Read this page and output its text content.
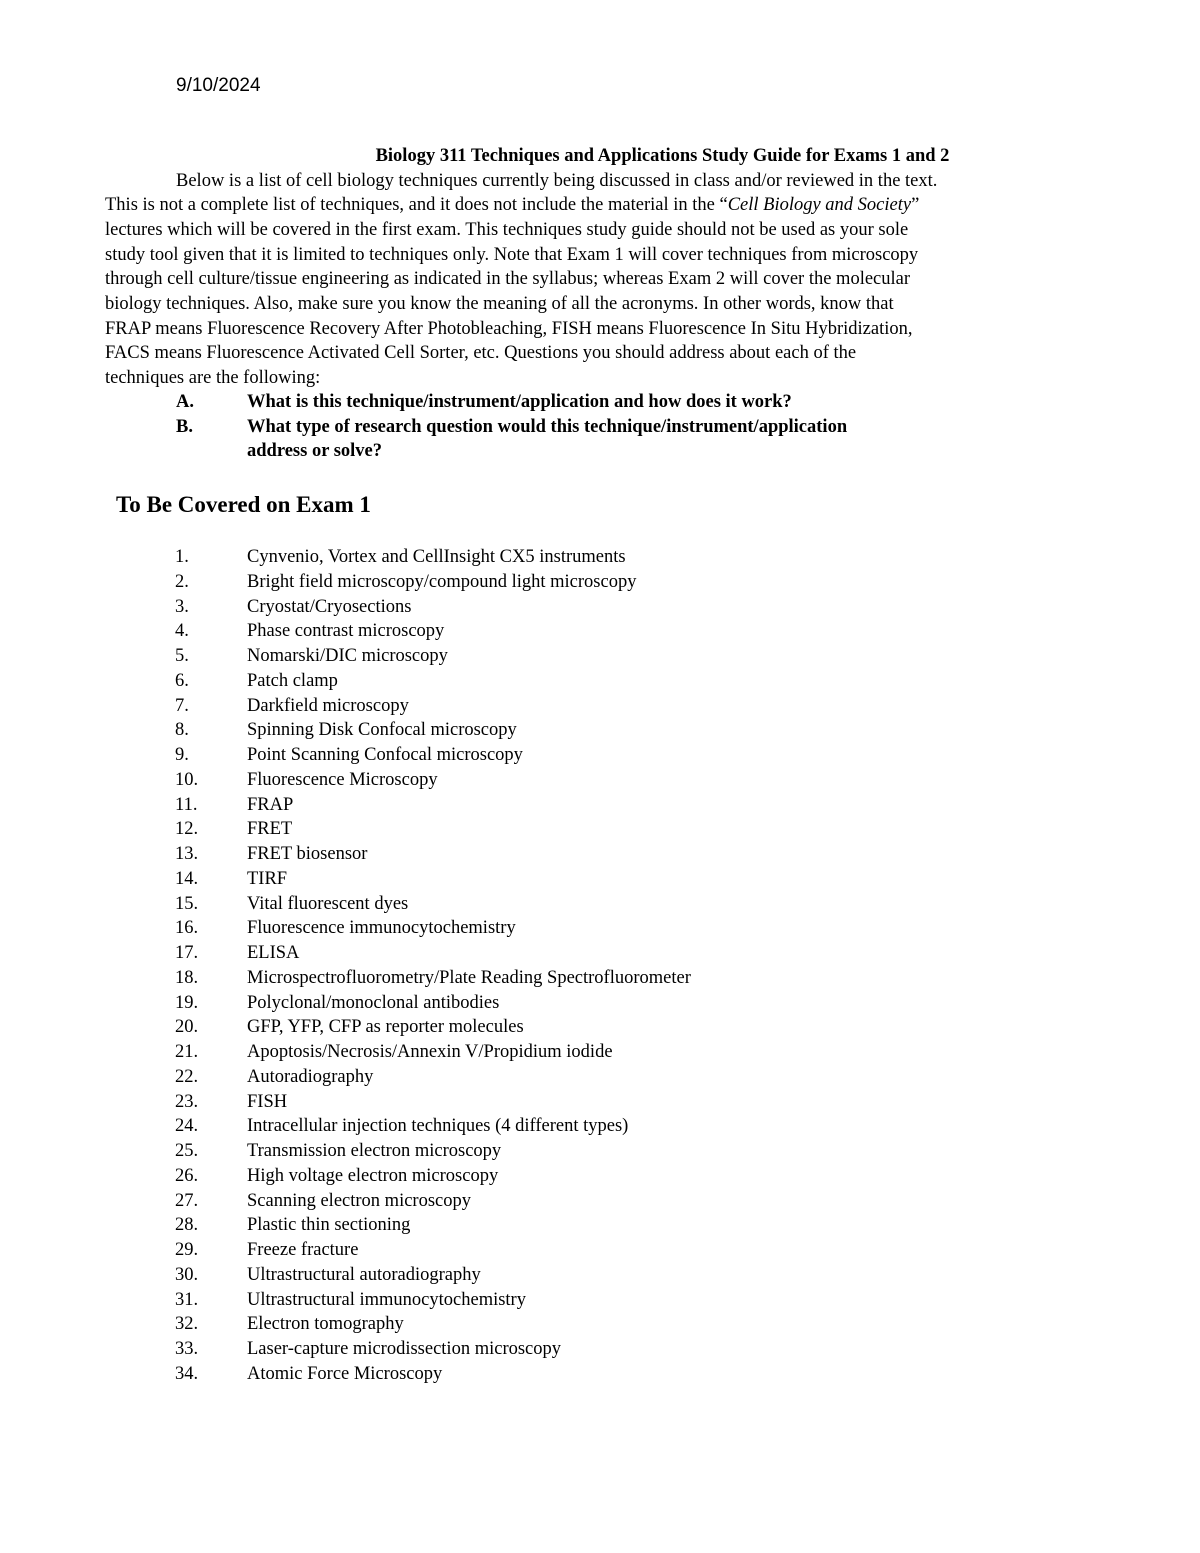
9/10/2024
Biology 311 Techniques and Applications Study Guide for Exams 1 and 2
Below is a list of cell biology techniques currently being discussed in class and/or reviewed in the text.
This is not a complete list of techniques, and it does not include the material in the “Cell Biology and Society”
lectures which will be covered in the first exam. This techniques study guide should not be used as your sole
study tool given that it is limited to techniques only. Note that Exam 1 will cover techniques from microscopy
through cell culture/tissue engineering as indicated in the syllabus; whereas Exam 2 will cover the molecular
biology techniques. Also, make sure you know the meaning of all the acronyms. In other words, know that
FRAP means Fluorescence Recovery After Photobleaching, FISH means Fluorescence In Situ Hybridization,
FACS means Fluorescence Activated Cell Sorter, etc. Questions you should address about each of the
techniques are the following:
A.	What is this technique/instrument/application and how does it work?
B.	What type of research question would this technique/instrument/application
address or solve?
To Be Covered on Exam 1
1.	Cynvenio, Vortex and CellInsight CX5 instruments
2.	Bright field microscopy/compound light microscopy
3.	Cryostat/Cryosections
4.	Phase contrast microscopy
5.	Nomarski/DIC microscopy
6.	Patch clamp
7.	Darkfield microscopy
8.	Spinning Disk Confocal microscopy
9.	Point Scanning Confocal microscopy
10.	Fluorescence Microscopy
11.	FRAP
12.	FRET
13.	FRET biosensor
14.	TIRF
15.	Vital fluorescent dyes
16.	Fluorescence immunocytochemistry
17.	ELISA
18.	Microspectrofluorometry/Plate Reading Spectrofluorometer
19.	Polyclonal/monoclonal antibodies
20.	GFP, YFP, CFP as reporter molecules
21.	Apoptosis/Necrosis/Annexin V/Propidium iodide
22.	Autoradiography
23.	FISH
24.	Intracellular injection techniques (4 different types)
25.	Transmission electron microscopy
26.	High voltage electron microscopy
27.	Scanning electron microscopy
28.	Plastic thin sectioning
29.	Freeze fracture
30.	Ultrastructural autoradiography
31.	Ultrastructural immunocytochemistry
32.	Electron tomography
33.	Laser-capture microdissection microscopy
34.	Atomic Force Microscopy
